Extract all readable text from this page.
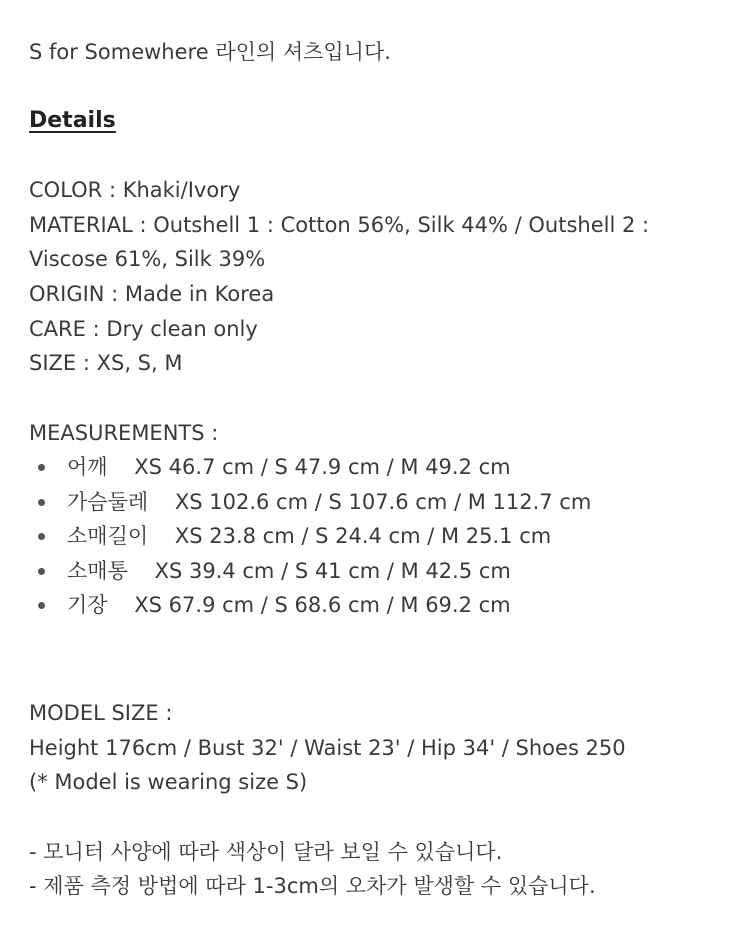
S for Somewhere 라인의 셔츠입니다.
Details
COLOR : Khaki/Ivory
MATERIAL : Outshell 1 : Cotton 56%, Silk 44% / Outshell 2 :
Viscose 61%, Silk 39%
ORIGIN : Made in Korea
CARE : Dry clean only
SIZE : XS, S, M
MEASUREMENTS :
어깨 XS 46.7 cm / S 47.9 cm / M 49.2 cm
가슴둘레 XS 102.6 cm / S 107.6 cm / M 112.7 cm
소매길이 XS 23.8 cm / S 24.4 cm / M 25.1 cm
소매통 XS 39.4 cm / S 41 cm / M 42.5 cm
기장 XS 67.9 cm / S 68.6 cm / M 69.2 cm
MODEL SIZE :
Height 176cm / Bust 32' / Waist 23' / Hip 34' / Shoes 250
(* Model is wearing size S)
- 모니터 사양에 따라 색상이 달라 보일 수 있습니다.
- 제품 측정 방법에 따라 1-3cm의 오차가 발생할 수 있습니다.
